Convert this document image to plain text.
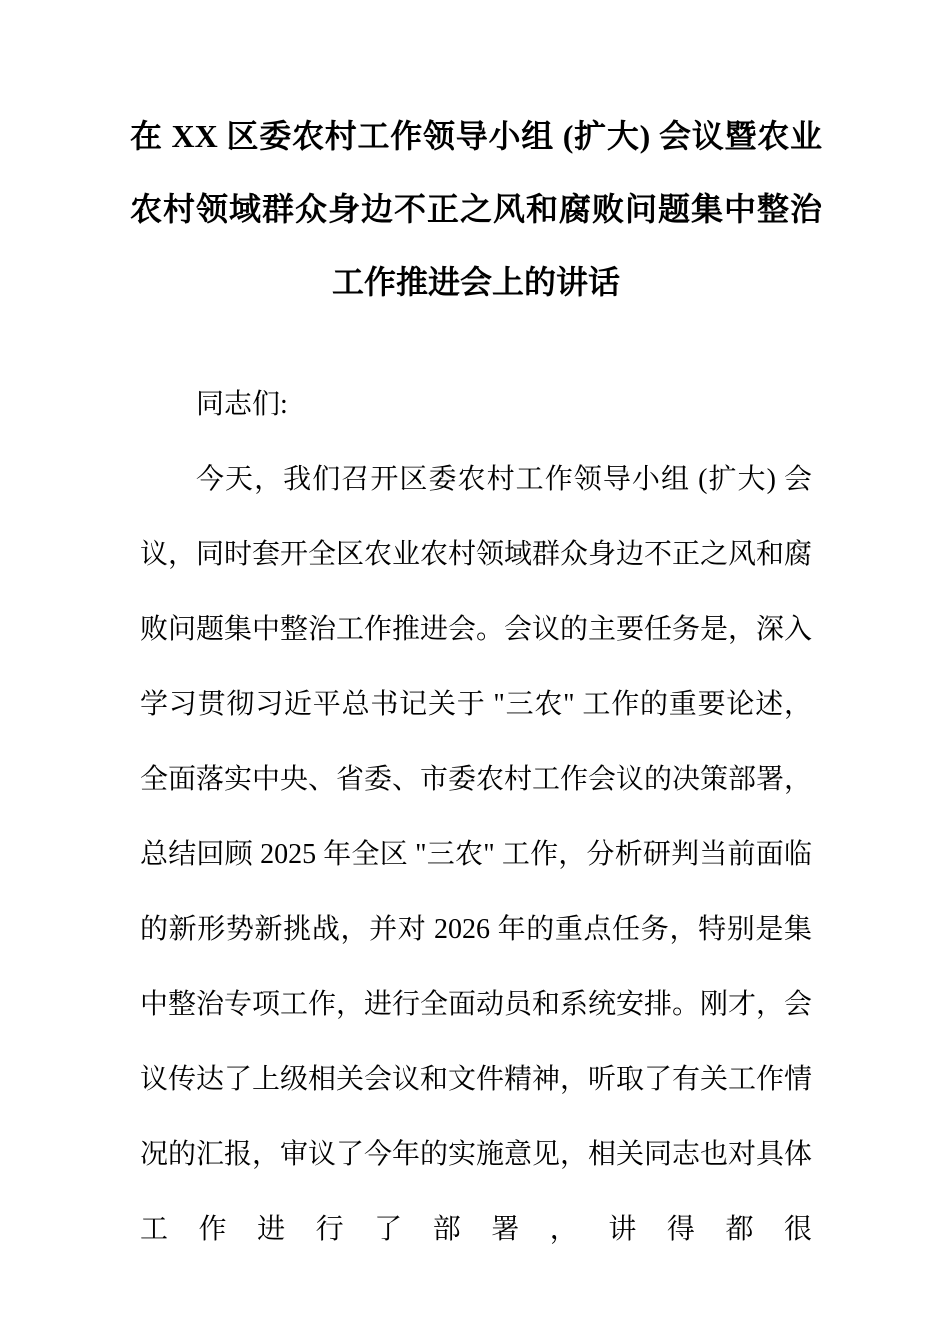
在 XX 区委农村工作领导小组 (扩大) 会议暨农业农村领域群众身边不正之风和腐败问题集中整治工作推进会上的讲话

同志们:

今天，我们召开区委农村工作领导小组 (扩大) 会议，同时套开全区农业农村领域群众身边不正之风和腐败问题集中整治工作推进会。会议的主要任务是，深入学习贯彻习近平总书记关于 "三农" 工作的重要论述，全面落实中央、省委、市委农村工作会议的决策部署，总结回顾 2025 年全区 "三农" 工作，分析研判当前面临的新形势新挑战，并对 2026 年的重点任务，特别是集中整治专项工作，进行全面动员和系统安排。刚才，会议传达了上级相关会议和文件精神，听取了有关工作情况的汇报，审议了今年的实施意见，相关同志也对具体工作进行了部署，讲得都很
